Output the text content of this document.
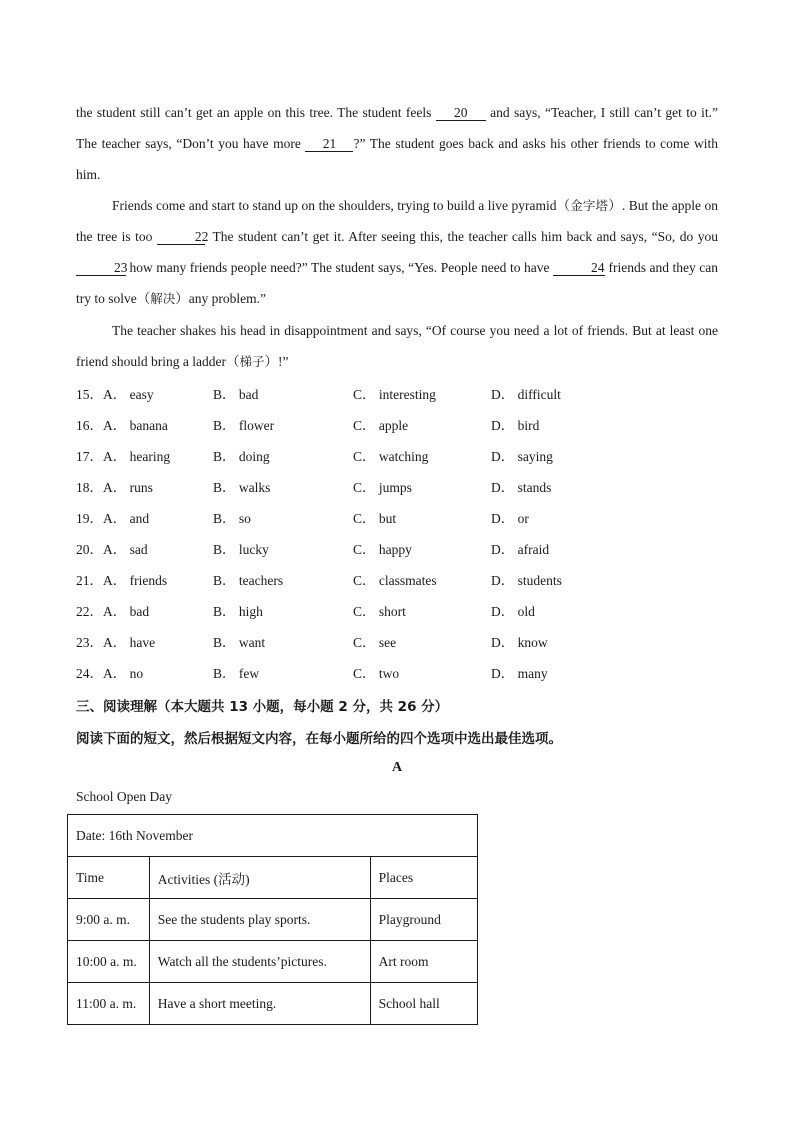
the student still can’t get an apple on this tree. The student feels 20 and says, “Teacher, I still can’t get to it.” The teacher says, “Don’t you have more 21 ?” The student goes back and asks his other friends to come with him.

Friends come and start to stand up on the shoulders, trying to build a live pyramid（金字塔）. But the apple on the tree is too	22. The student can’t get it. After seeing this, the teacher calls him back and says, “So, do you 23 how many friends people need?” The student says, “Yes. People need to have	24 friends and they can try to solve（解决）any problem.”

The teacher shakes his head in disappointment and says, “Of course you need a lot of friends. But at least one friend should bring a ladder（梯子）!”

15． A． easy	B． bad	C． interesting	D． difficult
16． A． banana	B． flower	C． apple	D． bird
17． A． hearing	B． doing	C． watching	D． saying
18． A． runs	B． walks	C． jumps	D． stands
19． A． and	B． so	C． but	D． or
20． A． sad	B． lucky	C． happy	D． afraid
21． A． friends	B． teachers	C． classmates	D． students
22． A． bad	B． high	C． short	D． old
23． A． have	B． want	C． see	D． know
24． A． no	B． few	C． two	D． many

三、阅读理解（本大题共 13 小题，每小题 2 分，共 26 分）

阅读下面的短文，然后根据短文内容，在每小题所给的四个选项中选出最佳选项。

A

School Open Day

Date: 16th November		
Time	Activities (活动)	Places
9:00 a. m.	See the students play sports.	Playground
10:00 a. m.	Watch all the students’pictures.	Art room
11:00 a. m.	Have a short meeting.	School hall
